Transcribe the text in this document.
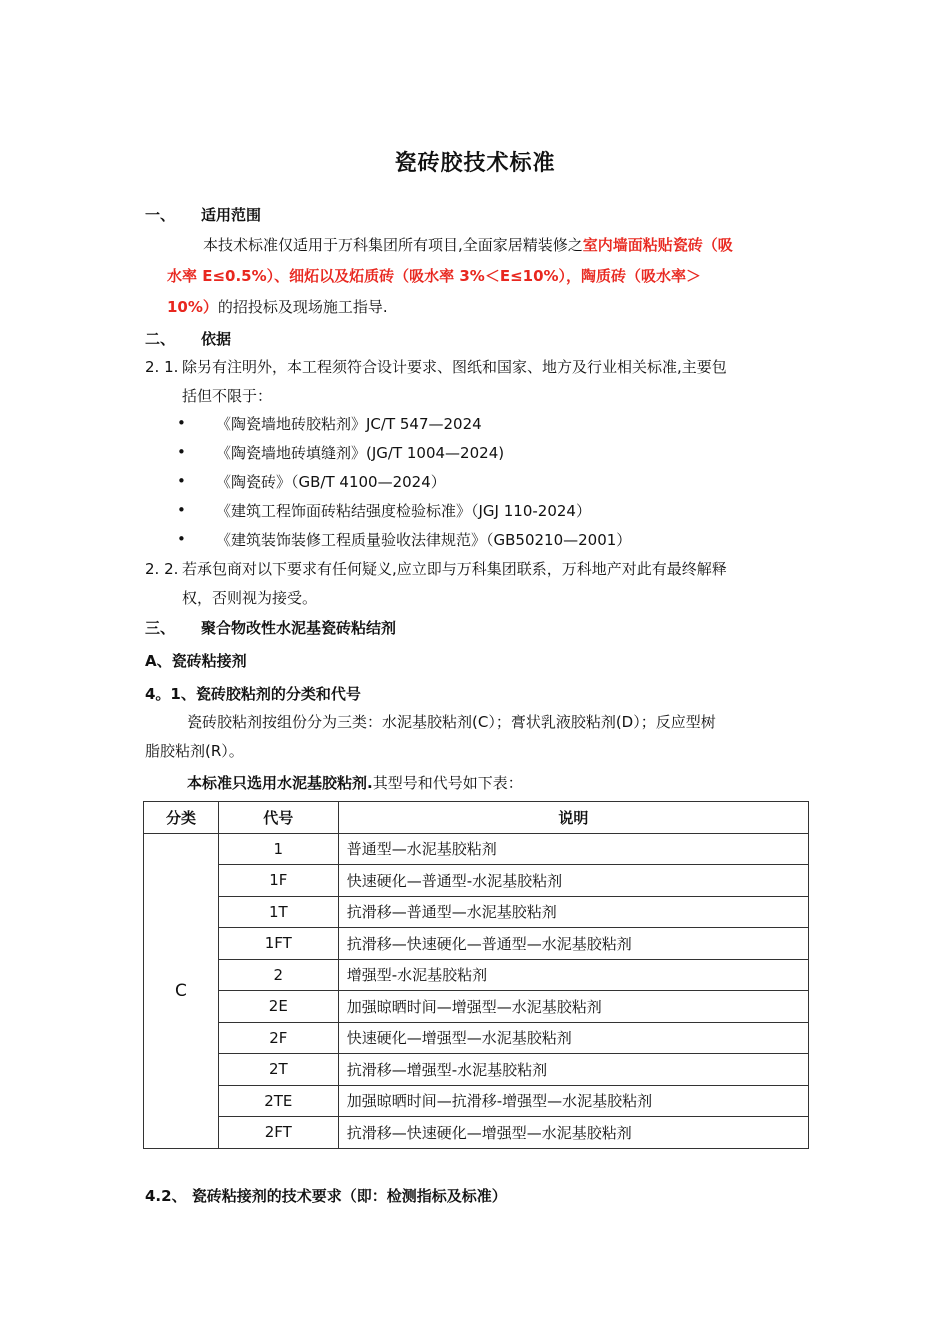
瓷砖胶技术标准
一、 适用范围
本技术标准仅适用于万科集团所有项目,全面家居精装修之室内墙面粘贴瓷砖（吸
水率 E≤0.5%）、细炻以及炻质砖（吸水率 3%＜E≤10%），陶质砖（吸水率＞
10%）的招投标及现场施工指导.
二、 依据
2. 1. 除另有注明外，本工程须符合设计要求、图纸和国家、地方及行业相关标准,主要包
括但不限于：
• 《陶瓷墙地砖胶粘剂》JC/T 547—2024
• 《陶瓷墙地砖填缝剂》(JG/T 1004—2024)
• 《陶瓷砖》（GB/T 4100—2024）
• 《建筑工程饰面砖粘结强度检验标准》（JGJ 110-2024）
• 《建筑装饰装修工程质量验收法律规范》（GB50210—2001）
2. 2. 若承包商对以下要求有任何疑义,应立即与万科集团联系，万科地产对此有最终解释
权，否则视为接受。
三、 聚合物改性水泥基瓷砖粘结剂
A、瓷砖粘接剂
4。1、瓷砖胶粘剂的分类和代号
瓷砖胶粘剂按组份分为三类：水泥基胶粘剂(C）；膏状乳液胶粘剂(D）；反应型树
脂胶粘剂(R）。
本标准只选用水泥基胶粘剂.其型号和代号如下表：
分类	代号	说明
C	1	普通型—水泥基胶粘剂
	1F	快速硬化—普通型-水泥基胶粘剂
	1T	抗滑移—普通型—水泥基胶粘剂
	1FT	抗滑移—快速硬化—普通型—水泥基胶粘剂
	2	增强型-水泥基胶粘剂
	2E	加强晾晒时间—增强型—水泥基胶粘剂
	2F	快速硬化—增强型—水泥基胶粘剂
	2T	抗滑移—增强型-水泥基胶粘剂
	2TE	加强晾晒时间—抗滑移-增强型—水泥基胶粘剂
	2FT	抗滑移—快速硬化—增强型—水泥基胶粘剂
4.2、 瓷砖粘接剂的技术要求（即：检测指标及标准）
